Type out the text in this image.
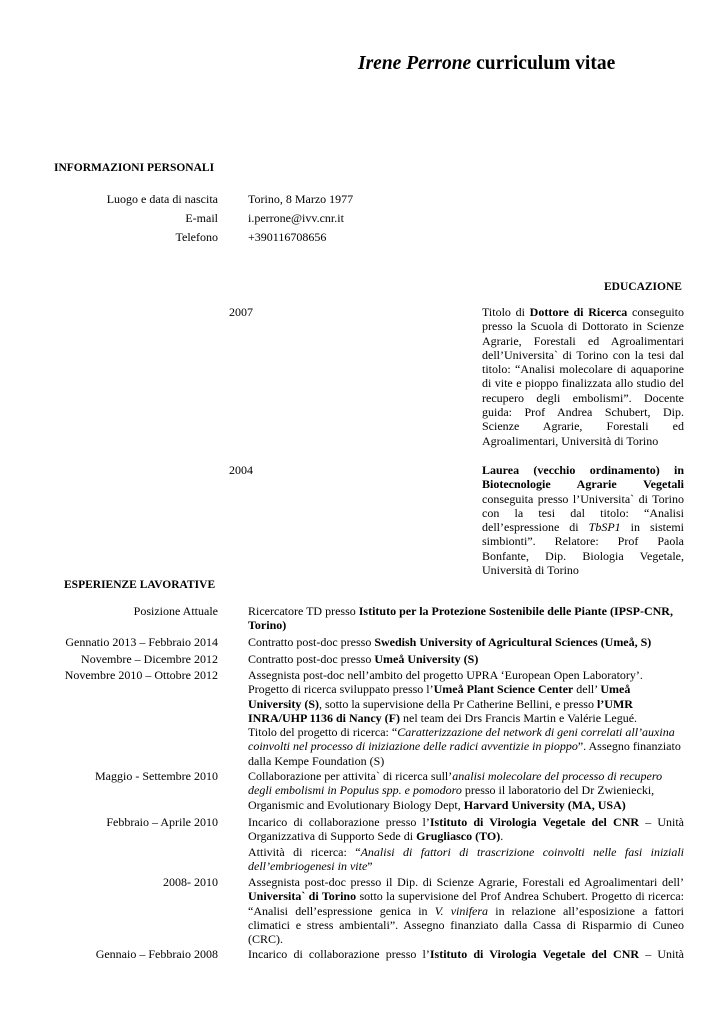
Irene Perrone curriculum vitae
INFORMAZIONI PERSONALI
Luogo e data di nascita	Torino, 8 Marzo 1977
E-mail	i.perrone@ivv.cnr.it
Telefono	+390116708656
EDUCAZIONE
2007	Titolo di Dottore di Ricerca conseguito presso la Scuola di Dottorato in Scienze Agrarie, Forestali ed Agroalimentari dell’Universita` di Torino con la tesi dal titolo: “Analisi molecolare di aquaporine di vite e pioppo finalizzata allo studio del recupero degli embolismi”. Docente guida: Prof Andrea Schubert, Dip. Scienze Agrarie, Forestali ed Agroalimentari, Università di Torino
2004	Laurea (vecchio ordinamento) in Biotecnologie Agrarie Vegetali conseguita presso l’Universita` di Torino con la tesi dal titolo: “Analisi dell’espressione di TbSP1 in sistemi simbionti”. Relatore: Prof Paola Bonfante, Dip. Biologia Vegetale, Università di Torino
ESPERIENZE LAVORATIVE
Posizione Attuale	Ricercatore TD presso Istituto per la Protezione Sostenibile delle Piante (IPSP-CNR, Torino)
Gennatio 2013 – Febbraio 2014	Contratto post-doc presso Swedish University of Agricultural Sciences (Umeå, S)
Novembre – Dicembre 2012	Contratto post-doc presso Umeå University (S)
Novembre 2010 – Ottobre 2012	Assegnista post-doc nell’ambito del progetto UPRA ‘European Open Laboratory’. Progetto di ricerca sviluppato presso l’Umeå Plant Science Center dell’ Umeå University (S), sotto la supervisione della Pr Catherine Bellini, e presso l’UMR INRA/UHP 1136 di Nancy (F) nel team dei Drs Francis Martin e Valérie Legué.

Titolo del progetto di ricerca: “Caratterizzazione del network di geni correlati all’auxina coinvolti nel processo di iniziazione delle radici avventizie in pioppo”. Assegno finanziato dalla Kempe Foundation (S)

Maggio - Settembre 2010	Collaborazione per attivita` di ricerca sull’analisi molecolare del processo di recupero degli embolismi in Populus spp. e pomodoro presso il laboratorio del Dr Zwieniecki, Organismic and Evolutionary Biology Dept, Harvard University (MA, USA)
Febbraio – Aprile 2010	Incarico di collaborazione presso l’Istituto di Virologia Vegetale del CNR – Unità Organizzativa di Supporto Sede di Grugliasco (TO).

Attività di ricerca: “Analisi di fattori di trascrizione coinvolti nelle fasi iniziali dell’embriogenesi in vite”

2008- 2010	Assegnista post-doc presso il Dip. di Scienze Agrarie, Forestali ed Agroalimentari dell’ Universita` di Torino sotto la supervisione del Prof Andrea Schubert. Progetto di ricerca: “Analisi dell’espressione genica in V. vinifera in relazione all’esposizione a fattori climatici e stress ambientali”. Assegno finanziato dalla Cassa di Risparmio di Cuneo (CRC).
Gennaio – Febbraio 2008	Incarico di collaborazione presso l’Istituto di Virologia Vegetale del CNR – Unità
